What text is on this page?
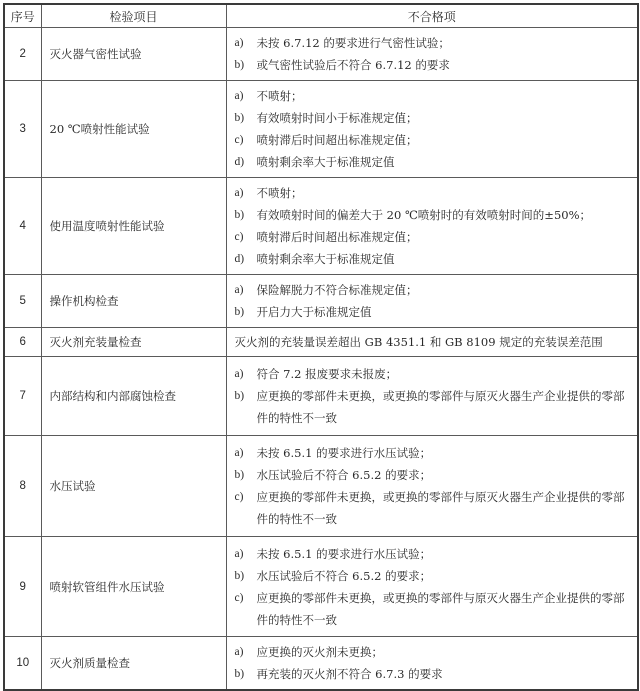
序号	检验项目	不合格项
2	灭火器气密性试验	a) 未按 6.7.12 的要求进行气密性试验；
b) 或气密性试验后不符合 6.7.12 的要求

3	20 ℃喷射性能试验	
a)	不喷射；
b)	有效喷射时间小于标准规定值；
c)	喷射滞后时间超出标准规定值；
d)	喷射剩余率大于标准规定值

4	使用温度喷射性能试验	
a)	不喷射；
b)	有效喷射时间的偏差大于 20 ℃喷射时的有效喷射时间的±50%；
c)	喷射滞后时间超出标准规定值；
d)	喷射剩余率大于标准规定值

5	操作机构检查	a) 保险解脱力不符合标准规定值；
b) 开启力大于标准规定值

6	灭火剂充装量检查	灭火剂的充装量误差超出 GB 4351.1 和 GB 8109 规定的充装误差范围

7	内部结构和内部腐蚀检查	a) 符合 7.2 报废要求未报废；
b) 应更换的零部件未更换，或更换的零部件与原灭火器生产企业提供的零部件的特性不一致

8	水压试验	
a)	未按 6.5.1 的要求进行水压试验；
b)	水压试验后不符合 6.5.2 的要求；
c)	应更换的零部件未更换，或更换的零部件与原灭火器生产企业提供的零部件的特性不一致

9	喷射软管组件水压试验	
a)	未按 6.5.1 的要求进行水压试验；
b)	水压试验后不符合 6.5.2 的要求；
c)	应更换的零部件未更换，或更换的零部件与原灭火器生产企业提供的零部件的特性不一致

10	灭火剂质量检查	a) 应更换的灭火剂未更换；
b) 再充装的灭火剂不符合 6.7.3 的要求
